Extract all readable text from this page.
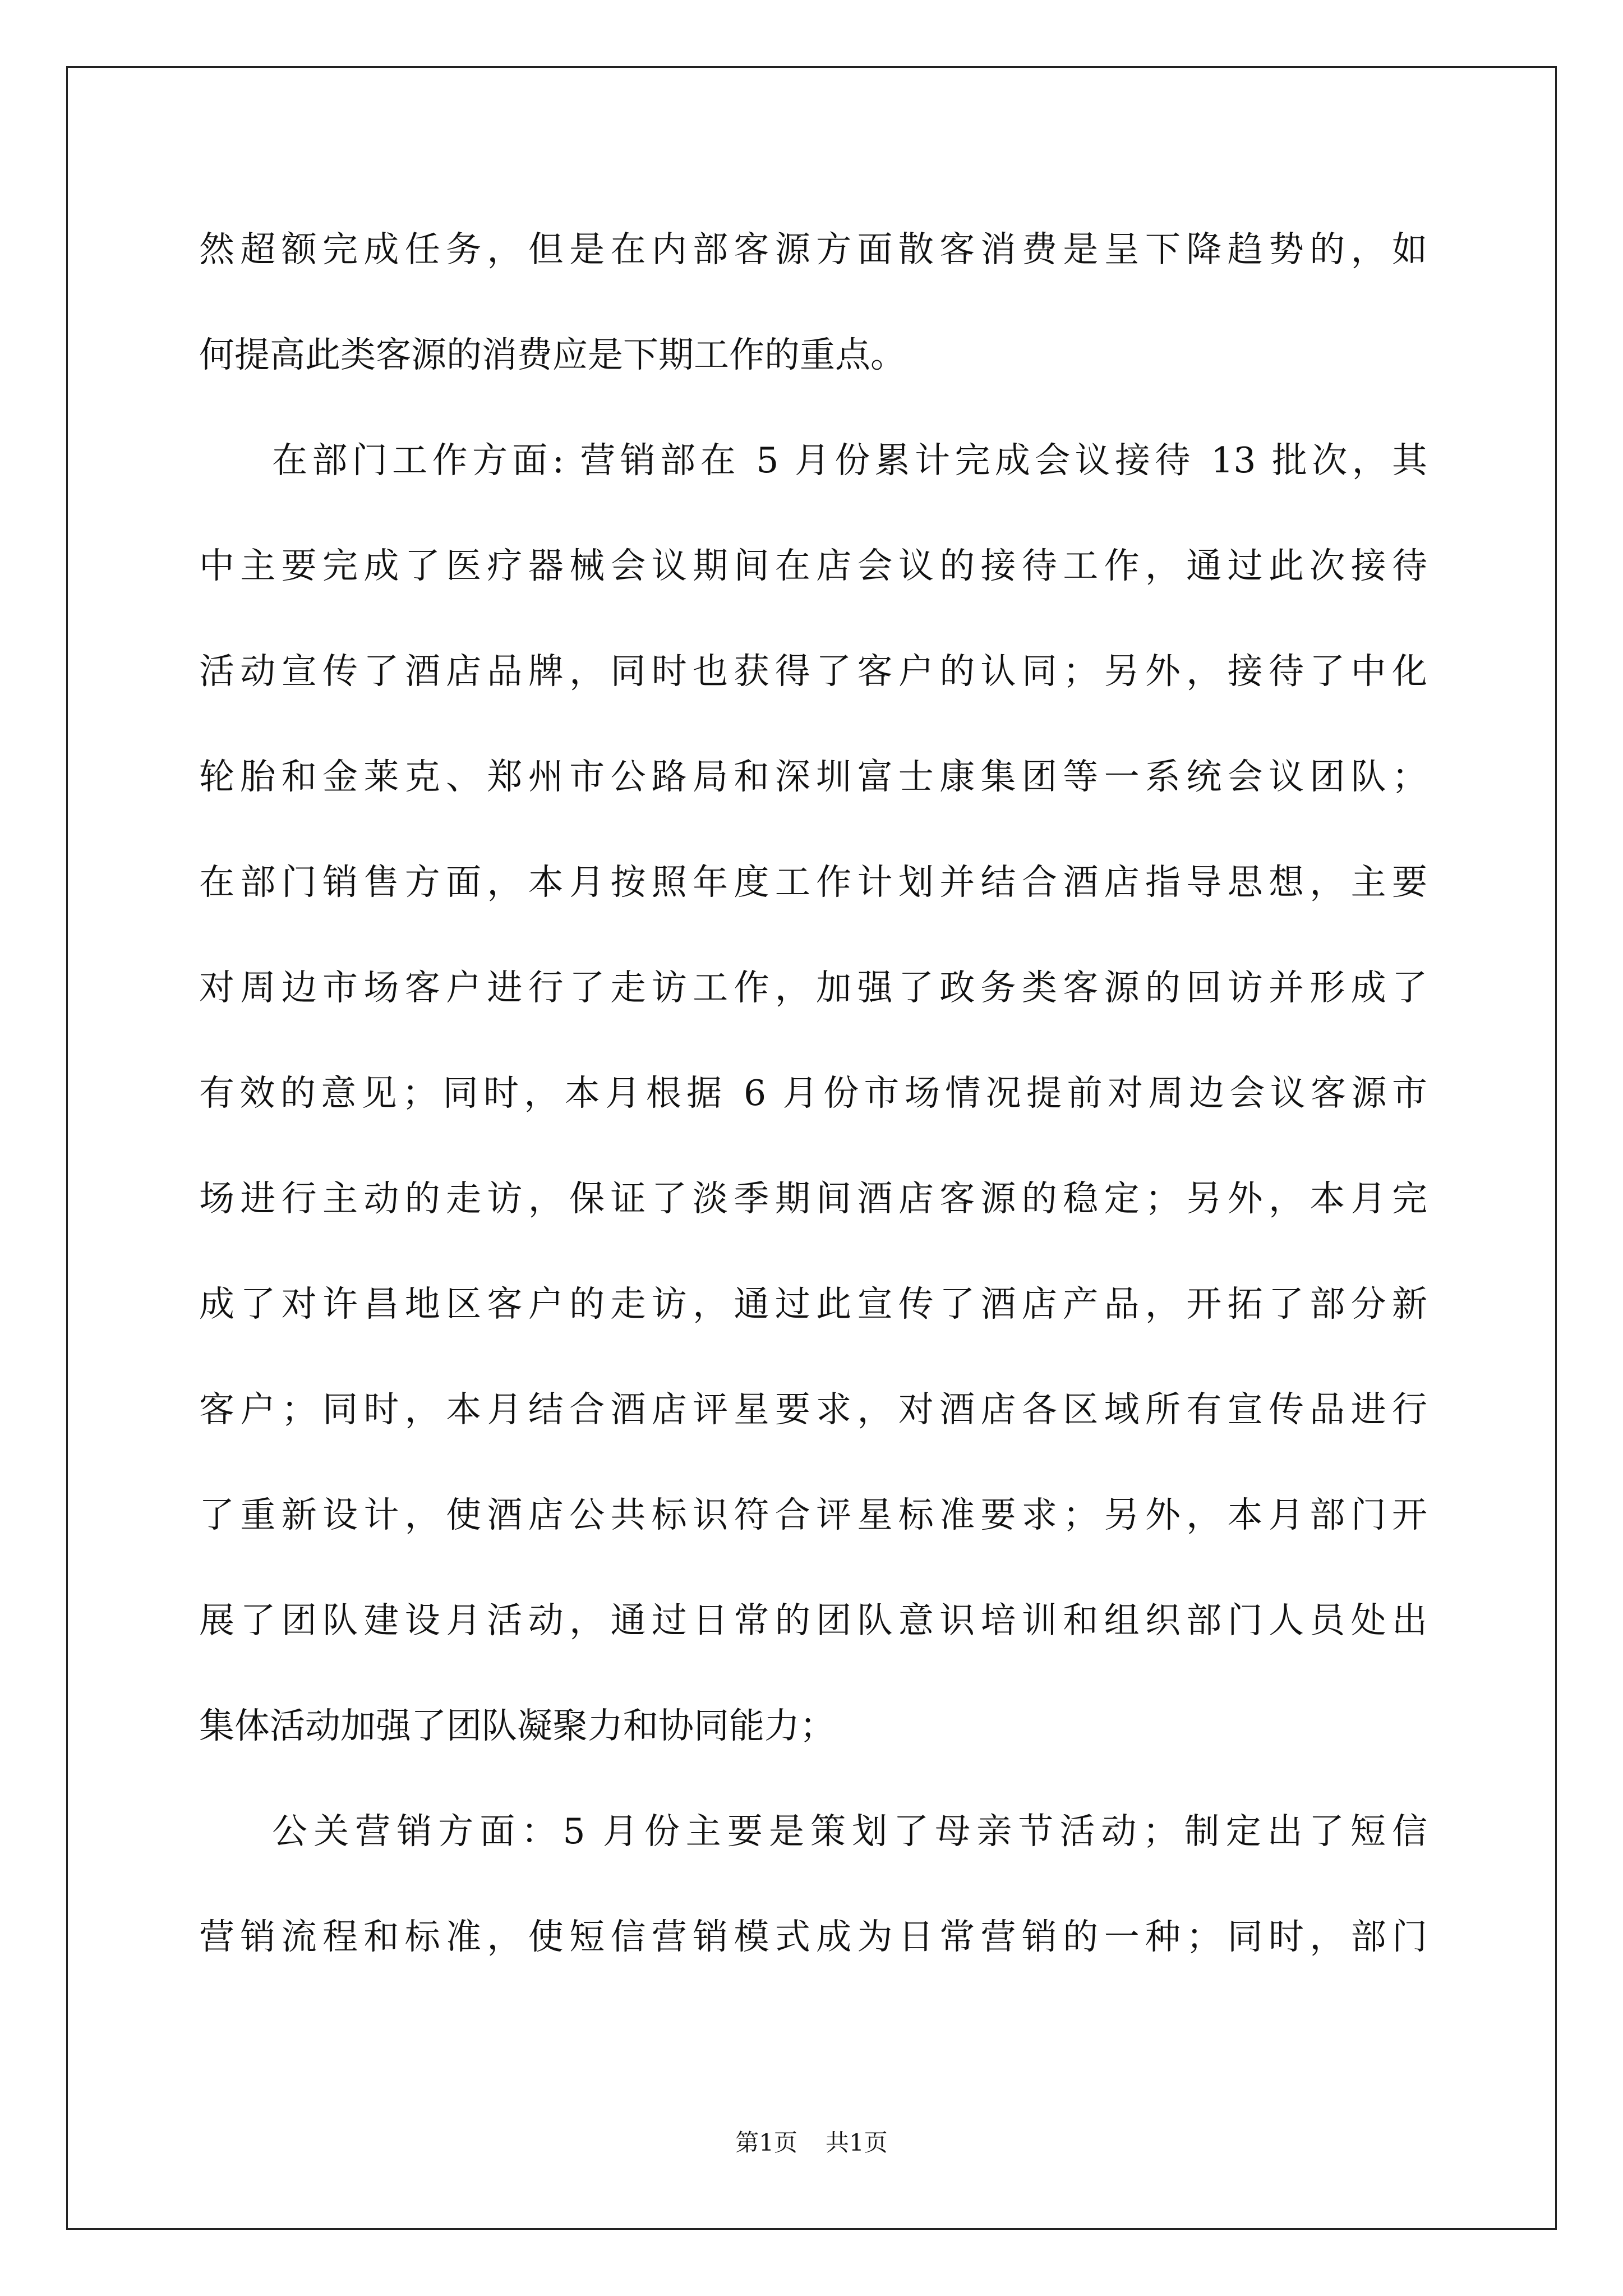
然超额完成任务，但是在内部客源方面散客消费是呈下降趋势的，如
何提高此类客源的消费应是下期工作的重点。
在部门工作方面: 营销部在 5 月份累计完成会议接待 13 批次，其
中主要完成了医疗器械会议期间在店会议的接待工作，通过此次接待
活动宣传了酒店品牌，同时也获得了客户的认同；另外，接待了中化
轮胎和金莱克、郑州市公路局和深圳富士康集团等一系统会议团队；
在部门销售方面，本月按照年度工作计划并结合酒店指导思想，主要
对周边市场客户进行了走访工作，加强了政务类客源的回访并形成了
有效的意见；同时，本月根据 6 月份市场情况提前对周边会议客源市
场进行主动的走访，保证了淡季期间酒店客源的稳定；另外，本月完
成了对许昌地区客户的走访，通过此宣传了酒店产品，开拓了部分新
客户；同时，本月结合酒店评星要求，对酒店各区域所有宣传品进行
了重新设计，使酒店公共标识符合评星标准要求；另外，本月部门开
展了团队建设月活动，通过日常的团队意识培训和组织部门人员处出
集体活动加强了团队凝聚力和协同能力；
公关营销方面：5 月份主要是策划了母亲节活动；制定出了短信
营销流程和标准，使短信营销模式成为日常营销的一种；同时，部门
第1页 共1页
